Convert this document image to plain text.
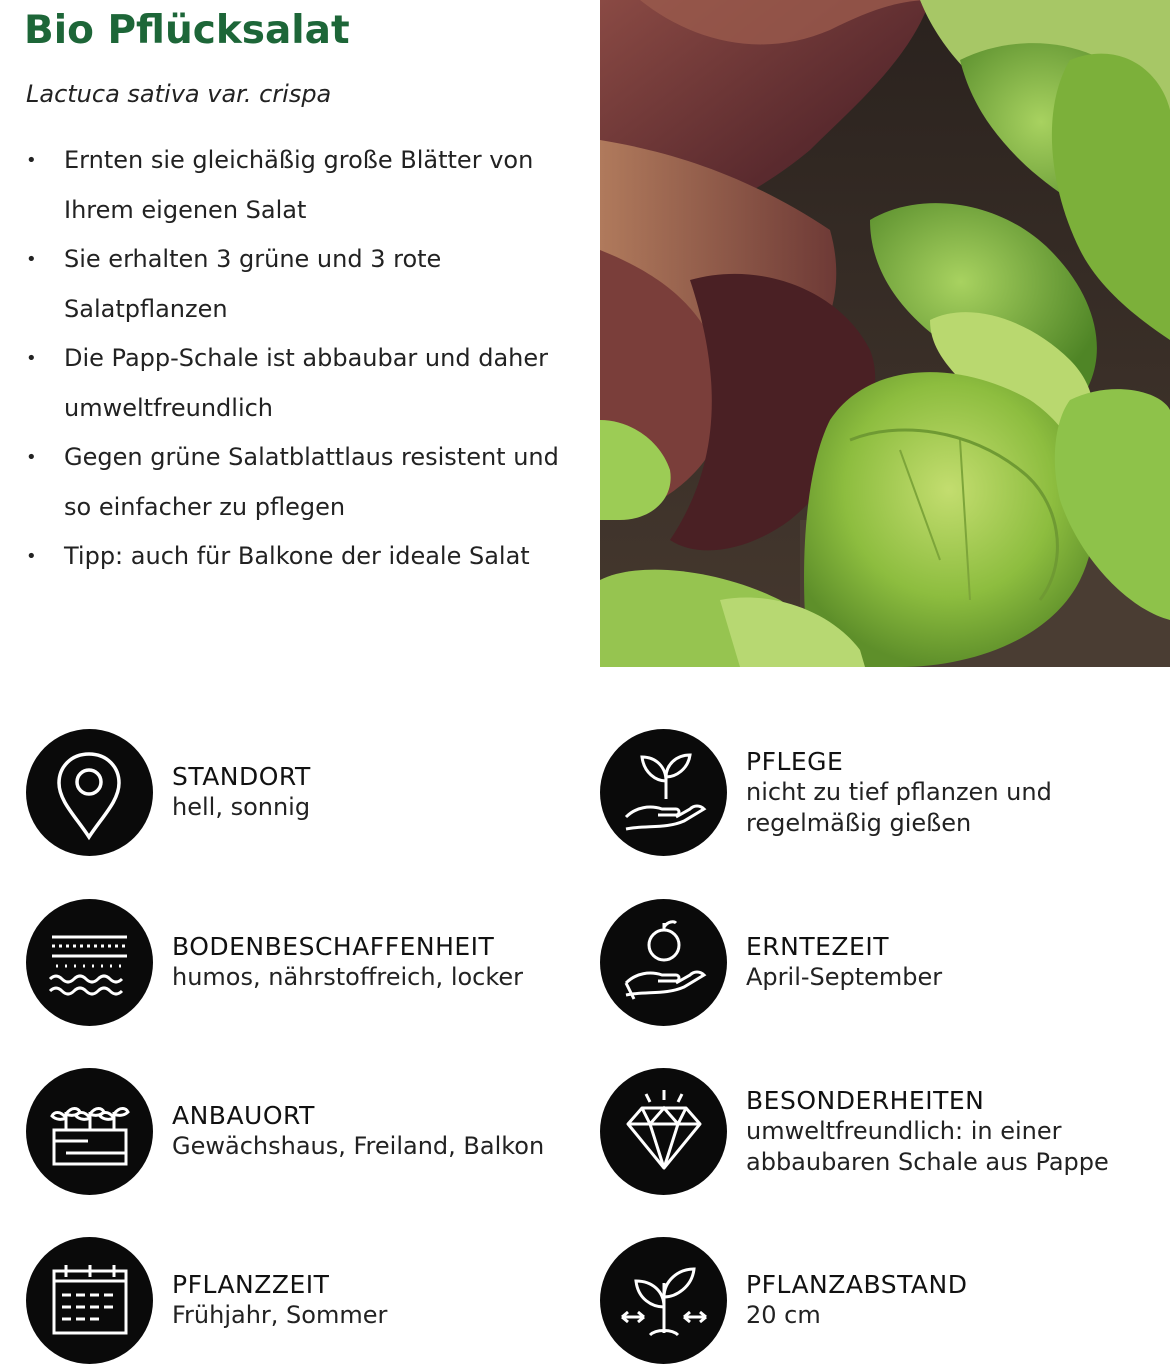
Bio Pflücksalat
Lactuca sativa var. crispa
• Ernten sie gleichäßig große Blätter von Ihrem eigenen Salat
• Sie erhalten 3 grüne und 3 rote Salatpflanzen
• Die Papp-Schale ist abbaubar und daher umweltfreundlich
• Gegen grüne Salatblattlaus resistent und so einfacher zu pflegen
• Tipp: auch für Balkone der ideale Salat
STANDORT
hell, sonnig
BODENBESCHAFFENHEIT
humos, nährstoffreich, locker
ANBAUORT
Gewächshaus, Freiland, Balkon
PFLANZZEIT
Frühjahr, Sommer
PFLEGE
nicht zu tief pflanzen und regelmäßig gießen
ERNTEZEIT
April-September
BESONDERHEITEN
umweltfreundlich: in einer abbaubaren Schale aus Pappe
PFLANZABSTAND
20 cm
